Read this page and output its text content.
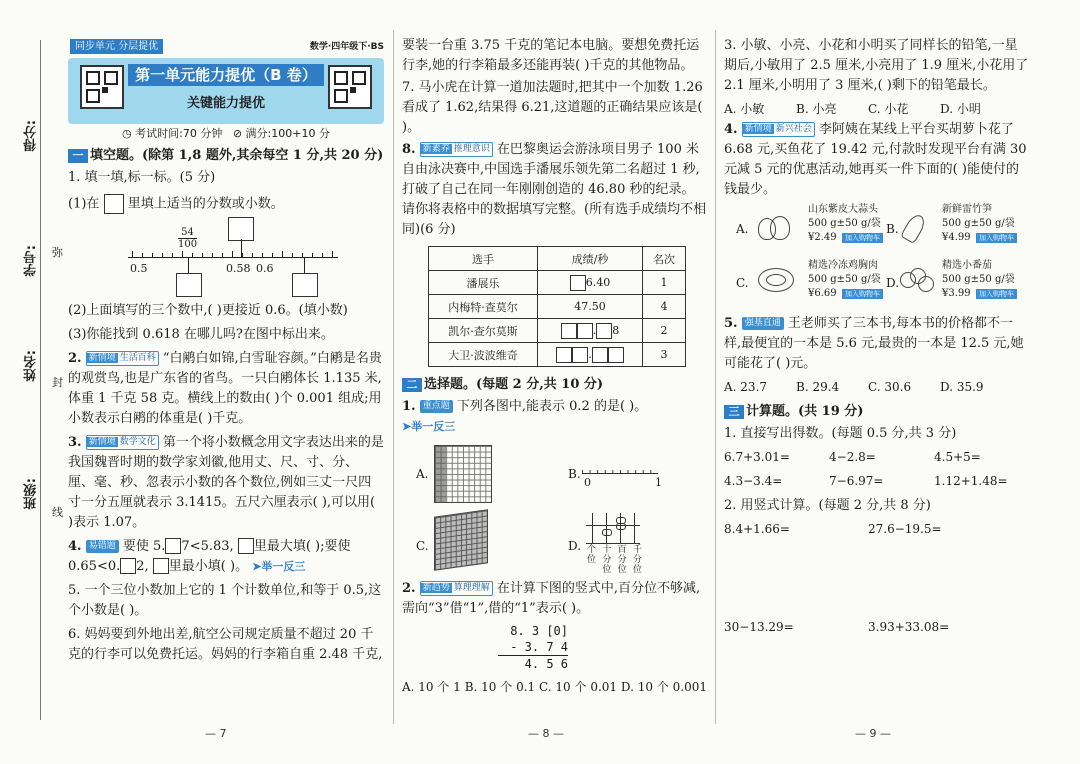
得分:
学号:
姓名:
班级:
弥
封
线
同步单元 分层提优	数学·四年级下·BS
第一单元能力提优（B 卷）
关键能力提优
◷ 考试时间:70 分钟 ⊘ 满分:100+10 分
一 填空题。(除第 1,8 题外,其余每空 1 分,共 20 分)
1. 填一填,标一标。(5 分)
(1)在 里填上适当的分数或小数。
54
100
0.5	0.58 0.6
(2)上面填写的三个数中,( )更接近 0.6。(填小数)
(3)你能找到 0.618 在哪儿吗?在图中标出来。
2. 新情境 生活百科 “白鹇白如锦,白雪耻容颜。”白鹇是名贵的观赏鸟,也是广东省的省鸟。一只白鹇体长 1.135 米,体重 1 千克 58 克。横线上的数由( )个 0.001 组成;用小数表示白鹇的体重是( )千克。
3. 新情境 数学文化 第一个将小数概念用文字表达出来的是我国魏晋时期的数学家刘徽,他用丈、尺、寸、分、厘、毫、秒、忽表示小数的各个数位,例如三丈一尺四寸一分五厘就表示 3.1415。五尺六厘表示( ),可以用( )表示 1.07。
4. 易错题 要使 5. 7<5.83, 里最大填( );要使 0.65<0. 2, 里最小填( )。 ➤举一反三
5. 一个三位小数加上它的 1 个计数单位,和等于 0.5,这个小数是( )。
6. 妈妈要到外地出差,航空公司规定质量不超过 20 千克的行李可以免费托运。妈妈的行李箱自重 2.48 千克,
— 7
要装一台重 3.75 千克的笔记本电脑。要想免费托运行李,她的行李箱最多还能再装( )千克的其他物品。
7. 马小虎在计算一道加法题时,把其中一个加数 1.26 看成了 1.62,结果得 6.21,这道题的正确结果应该是( )。
8. 新素养 推理意识 在巴黎奥运会游泳项目男子 100 米自由泳决赛中,中国选手潘展乐领先第二名超过 1 秒,打破了自己在同一年刚刚创造的 46.80 秒的纪录。请你将表格中的数据填写完整。(所有选手成绩均不相同)(6 分)
选手	成绩/秒	名次
潘展乐	6.40	1
内梅特·查莫尔	47.50	4
凯尔·查尔莫斯	. 8	2
大卫·波波维奇	.	3
二 选择题。(每题 2 分,共 10 分)
1. 重点题 下列各图中,能表示 0.2 的是( )。
➤举一反三
A.	B.
0	1
C.	D. 个位
十分位
百分位
千分位
2. 新趋势 算理理解 在计算下图的竖式中,百分位不够减,需向“3”借“1”,借的“1”表示( )。
8. 3 [0]
- 3. 7 4
4. 5 6
A. 10 个 1 B. 10 个 0.1 C. 10 个 0.01 D. 10 个 0.001
— 8 —
3. 小敏、小亮、小花和小明买了同样长的铅笔,一星期后,小敏用了 2.5 厘米,小亮用了 1.9 厘米,小花用了 2.1 厘米,小明用了 3 厘米,( )剩下的铅笔最长。
A. 小敏	B. 小亮	C. 小花	D. 小明
4. 新情境 新兴社会 李阿姨在某线上平台买胡萝卜花了 6.68 元,买鱼花了 19.42 元,付款时发现平台有满 30 元减 5 元的优惠活动,她再买一件下面的( )能使付的钱最少。
A.
山东紫皮大蒜头
500 g±50 g/袋
¥2.49	加入购物车
B.
新鲜雷竹笋
500 g±50 g/袋
¥4.99	加入购物车
C.
精选冷冻鸡胸肉
500 g±50 g/袋
¥6.69	加入购物车
D.
精选小番茄
500 g±50 g/袋
¥3.99	加入购物车
5. 强基直通 王老师买了三本书,每本书的价格都不一样,最便宜的一本是 5.6 元,最贵的一本是 12.5 元,她可能花了( )元。
A. 23.7 B. 29.4 C. 30.6 D. 35.9
三 计算题。(共 19 分)
1. 直接写出得数。(每题 0.5 分,共 3 分)
6.7+3.01=	4−2.8=	4.5+5=
4.3−3.4=	7−6.97=	1.12+1.48=
2. 用竖式计算。(每题 2 分,共 8 分)
8.4+1.66=	27.6−19.5=
30−13.29=	3.93+33.08=
— 9 —
